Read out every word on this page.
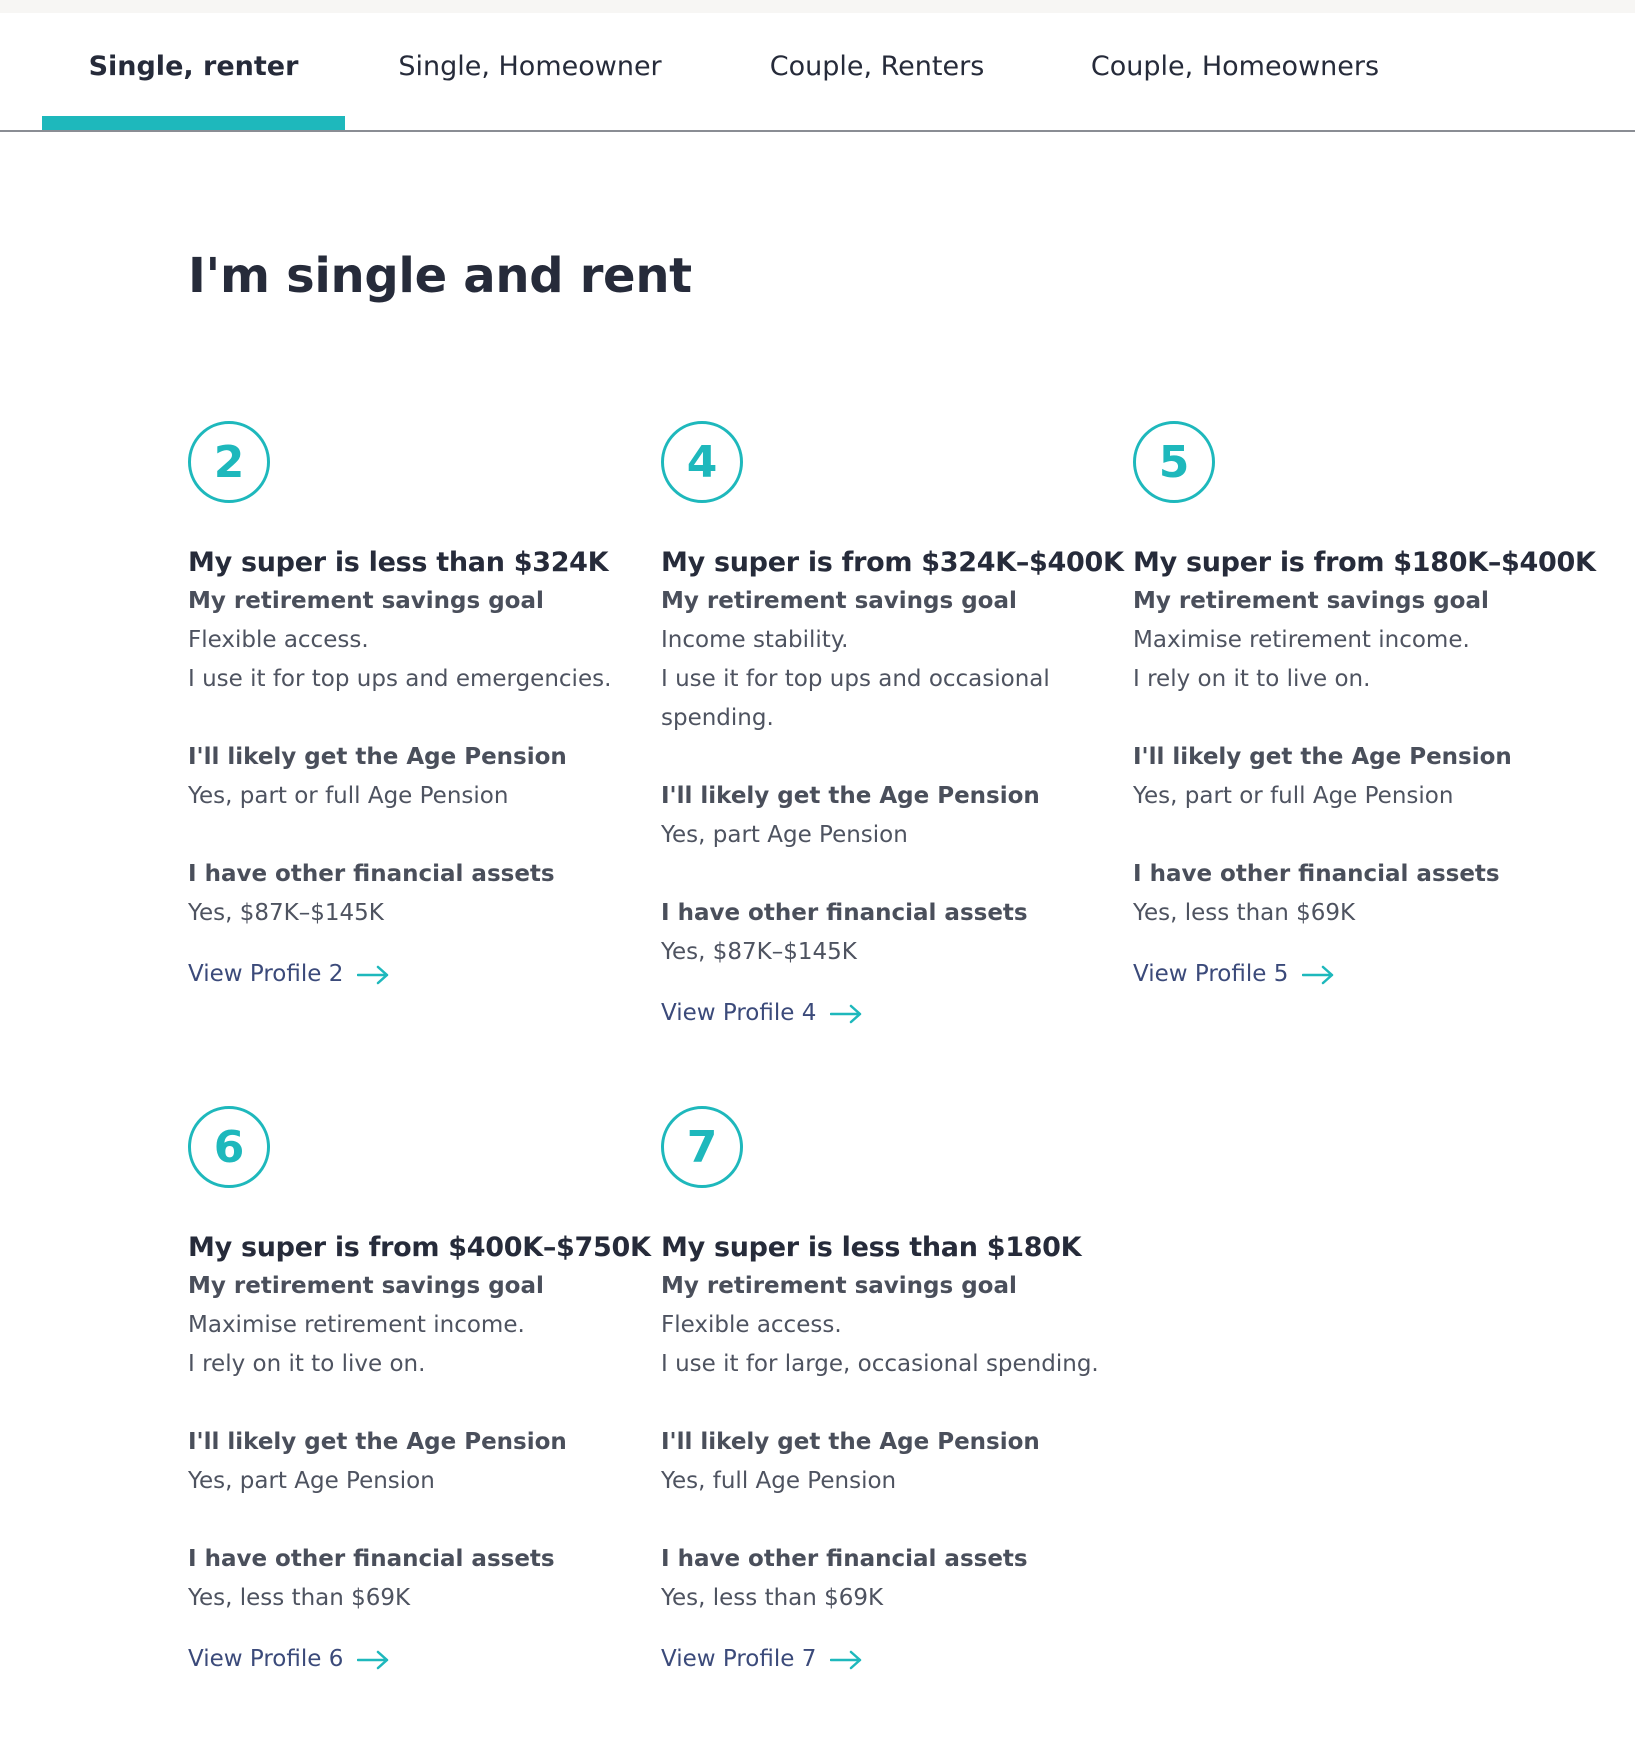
Single, renter	Single, Homeowner	Couple, Renters	Couple, Homeowners
I'm single and rent
2
My super is less than $324K
My retirement savings goal
Flexible access.
I use it for top ups and emergencies.
I'll likely get the Age Pension
Yes, part or full Age Pension
I have other financial assets
Yes, $87K–$145K
View Profile 2
4
My super is from $324K–$400K
My retirement savings goal
Income stability.
I use it for top ups and occasional spending.
I'll likely get the Age Pension
Yes, part Age Pension
I have other financial assets
Yes, $87K–$145K
View Profile 4
5
My super is from $180K–$400K
My retirement savings goal
Maximise retirement income.
I rely on it to live on.
I'll likely get the Age Pension
Yes, part or full Age Pension
I have other financial assets
Yes, less than $69K
View Profile 5
6
My super is from $400K–$750K
My retirement savings goal
Maximise retirement income.
I rely on it to live on.
I'll likely get the Age Pension
Yes, part Age Pension
I have other financial assets
Yes, less than $69K
View Profile 6
7
My super is less than $180K
My retirement savings goal
Flexible access.
I use it for large, occasional spending.
I'll likely get the Age Pension
Yes, full Age Pension
I have other financial assets
Yes, less than $69K
View Profile 7
